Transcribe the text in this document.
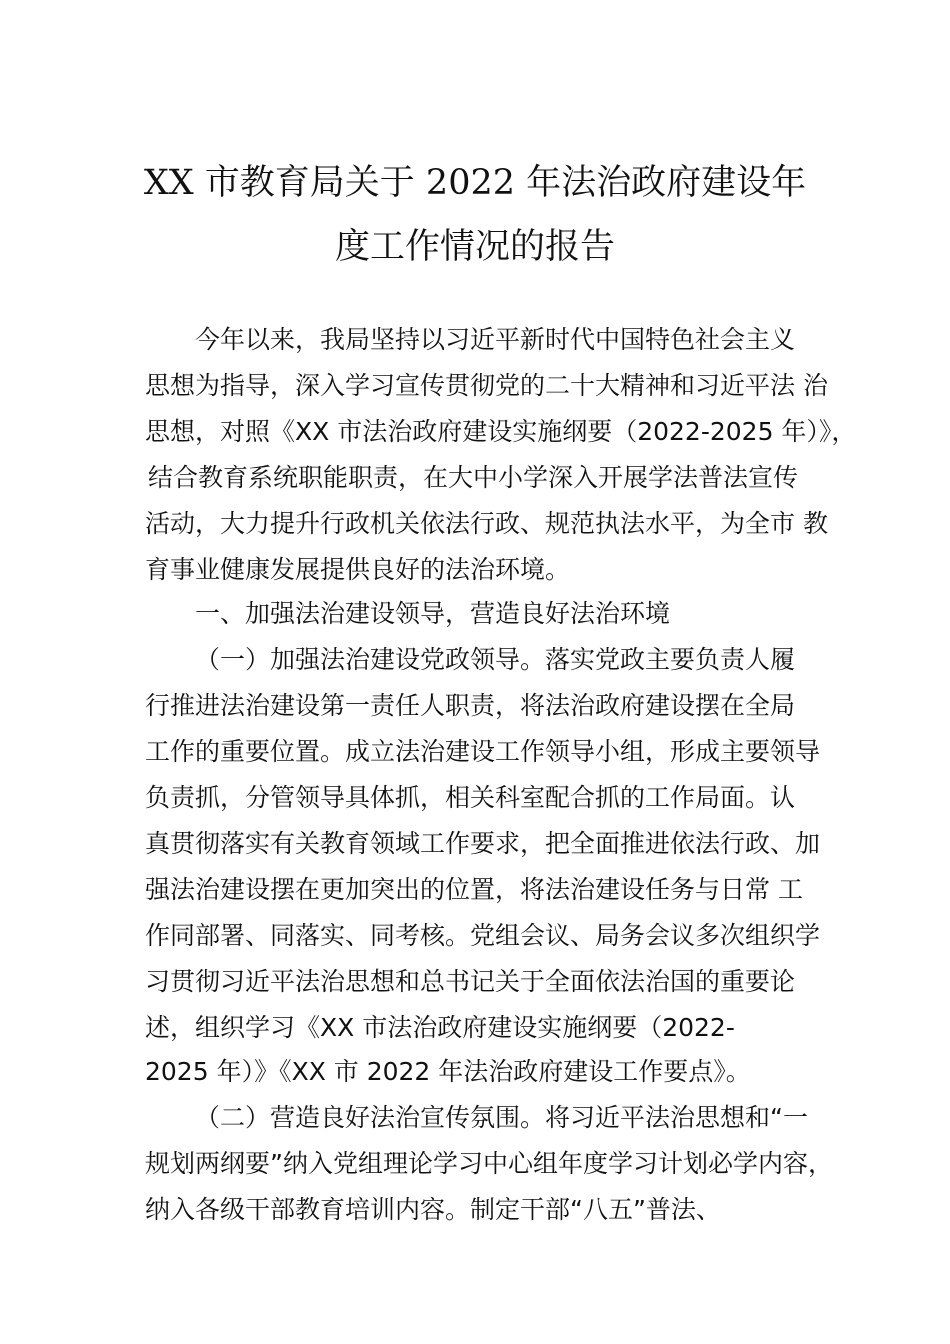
XX 市教育局关于 2022 年法治政府建设年
度工作情况的报告
今年以来，我局坚持以习近平新时代中国特色社会主义
思想为指导，深入学习宣传贯彻党的二十大精神和习近平法 治
思想，对照《XX 市法治政府建设实施纲要（2022-2025 年）》，
结合教育系统职能职责，在大中小学深入开展学法普法宣传
活动，大力提升行政机关依法行政、规范执法水平，为全市 教
育事业健康发展提供良好的法治环境。
一、加强法治建设领导，营造良好法治环境
（一）加强法治建设党政领导。落实党政主要负责人履
行推进法治建设第一责任人职责，将法治政府建设摆在全局
工作的重要位置。成立法治建设工作领导小组，形成主要领导
负责抓，分管领导具体抓，相关科室配合抓的工作局面。认
真贯彻落实有关教育领域工作要求，把全面推进依法行政、加
强法治建设摆在更加突出的位置，将法治建设任务与日常 工
作同部署、同落实、同考核。党组会议、局务会议多次组织学
习贯彻习近平法治思想和总书记关于全面依法治国的重要论
述，组织学习《XX 市法治政府建设实施纲要（2022-
2025 年）》《XX 市 2022 年法治政府建设工作要点》。
（二）营造良好法治宣传氛围。将习近平法治思想和“一
规划两纲要”纳入党组理论学习中心组年度学习计划必学内容，
纳入各级干部教育培训内容。制定干部“八五”普法、
